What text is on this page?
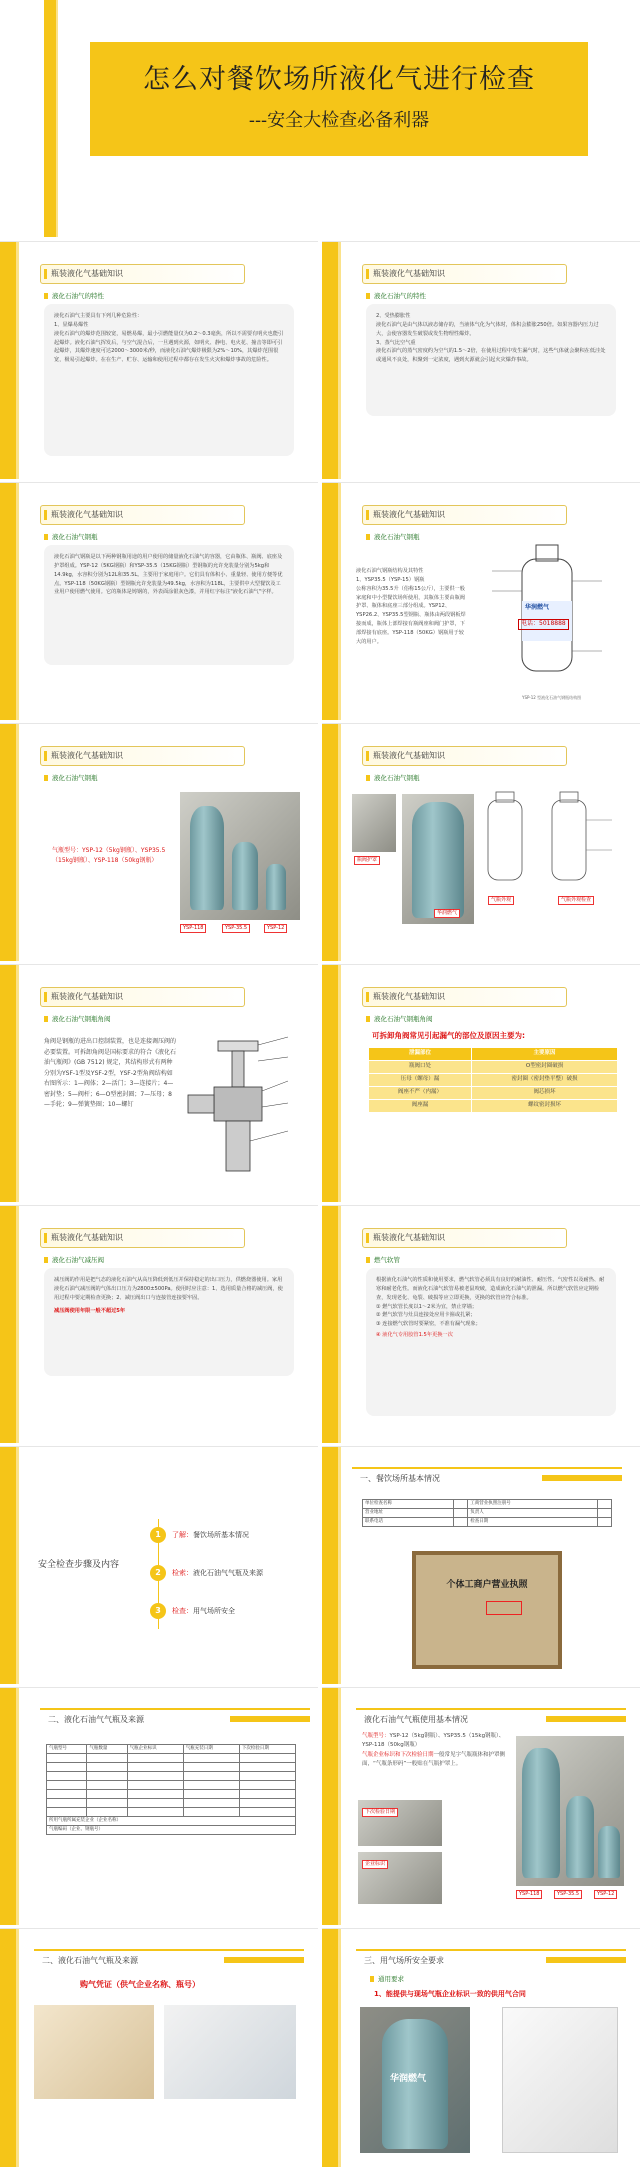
怎么对餐饮场所液化气进行检查
---安全大检查必备利器
瓶装液化气基础知识
液化石油气的特性
液化石油气主要具有下列几种危险性：
1、显爆易爆性
液化石油气的爆炸范围较宽，易燃易爆，最小引燃能量仅为0.2～0.3毫焦，所以不需要有明火也能引起爆炸。液化石油气挥发后，与空气混合后，一旦遇到火源，如明火、静电、电火花、撞击等即可引起爆炸，其爆炸速度可达2000～3000米/秒，而液化石油气爆炸极限为2%～10%，其爆炸范围很宽，极易引起爆炸。在在生产、贮存、运输和使用过程中都存在发生火灾和爆炸事故的危险性。
瓶装液化气基础知识
液化石油气的特性
2、受热膨胀性
液化石油气是由气体以液态储存的，当液体气化为气体时，体积会膨胀250倍。如果容器内压力过大，会使容器发生破裂或发生物理性爆炸。
3、蒸气比空气重
液化石油气的蒸气密度约为空气的1.5～2倍，在使用过程中发生漏气时，这些气体就会聚积在低洼处或通风不良处，积聚到一定浓度，遇到火源就会引起火灾爆炸事故。
瓶装液化气基础知识
液化石油气钢瓶
液化石油气钢瓶是以下两种钢瓶用途的用户使用的储量液化石油气的容器，它由瓶体、瓶阀、底座及护罩组成。YSP-12（5KG钢瓶）和YSP-35.5（15KG钢瓶）型钢瓶的允许充装量分别为5kg和14.9kg，水容积分别为12L和35.5L。主要用于家庭用户。它们具有体积小、重量轻、使用方便等优点。YSP-118（50KG钢瓶）型钢瓶允许充装量为49.5kg，水容积为118L，主要供中大型餐饮及工业用户使用燃气使用。它的瓶体是铸钢的，外表面涂银灰色漆，并用红字标注"液化石油气"字样。
瓶装液化气基础知识
液化石油气钢瓶
液化石油气钢瓶结构及其特性
1、YSP35.5（YSP-15）钢瓶
公称容积为35.5升（俗称15公斤），主要供一般家庭和中小型餐饮场所使用，其瓶体主要由瓶阀护罩、瓶体和底座三部分组成。YSP12、YSP26.2、YSP35.5型钢瓶、瓶体由两段钢板焊接而成，瓶体上部焊接有瓶阀座和阀门护罩，下部焊接有底座。YSP-118（50KG）钢瓶用于较大的用户。
华润燃气
电话：5018888
YSP-12 型液化石油气钢瓶结构图
瓶装液化气基础知识
液化石油气钢瓶
气瓶型号：YSP-12（5kg钢瓶）、YSP35.5（15kg钢瓶）、YSP-118（50kg钢瓶）
YSP-118	YSP-35.5	YSP-12
瓶装液化气基础知识
液化石油气钢瓶
瓶阀护罩
华润燃气
气瓶外观	气瓶外观检查
瓶装液化气基础知识
液化石油气钢瓶角阀
角阀是钢瓶的进出口控制装置，也是连接调压阀的必要装置。可拆卸角阀是国标要求的符合《液化石油气瓶阀》(GB 7512) 规定，其结构形式有两种分别为YSF-1型及YSF-2型，YSF-2型角阀结构如右图所示：1—阀体；2—活门；3—连接片；4—密封垫；5—阀杆；6—O型密封圈；7—压母；8—手轮；9—弹簧垫圈；10—螺钉
瓶装液化气基础知识
液化石油气钢瓶角阀
可拆卸角阀常见引起漏气的部位及原因主要为:
泄漏部位	主要原因
瓶阀口处	O型密封圈破损
压母（螺母）漏	密封圈（密封垫平整）破损
阀座不严（内漏）	阀芯损坏
阀座漏	螺纹密封损坏
瓶装液化气基础知识
液化石油气减压阀
减压阀的作用是把气态的液化石油气从高压降低到低压并保持稳定的出口压力，供燃烧器使用。家用液化石油气减压阀的气体出口压力为2800±500Pa。使用时应注意：1、选用质量合格的减压阀，使用过程中要定期检查更换；2、减压阀出口与连接管连接要牢固。
减压阀使用年限一般不超过5年
瓶装液化气基础知识
燃气软管
根据液化石油气的性质和使用要求，燃气软管必须具有良好的耐油性、耐压性、气密性以及耐热、耐寒和耐老化性。而液化石油气软管易被老鼠咬破，造成液化石油气的泄漏。所以燃气软管应定期检查，发现老化、龟裂、破损等应立即更换，更换的软管应符合标准。
① 燃气软管长度以1～2米为宜，禁止穿墙；
② 燃气软管与灶具连接处应用卡箍或扎紧；
③ 连接燃气软管时要紧密，不准有漏气现象；
④ 液化气专用胶管1.5年更换一次
安全检查步骤及内容
1 了解：餐饮场所基本情况
2 检索：液化石油气气瓶及来源
3 检查：用气场所安全
一、餐饮场所基本情况
单位检查名称		工商营业执照注册号	
营业地址		负责人	
联系电话		检查日期	
个体工商户营业执照
二、液化石油气气瓶及来源
气瓶型号	气瓶数量	气瓶企业标识	气瓶充装日期	下次检验日期

所用气瓶所属充装企业（企业名称）				
气瓶编码（企业、钢瓶号）				
液化石油气气瓶使用基本情况
气瓶型号：YSP-12（5kg钢瓶）、YSP35.5（15kg钢瓶）、YSP-118（50kg钢瓶）
气瓶企业标识和下次检验日期一般常见字气瓶瓶体和护罩侧面，“气瓶条形码”一般贴在气瓶护罩上。
下次检验日期
企业标识
YSP-118	YSP-35.5	YSP-12
二、液化石油气气瓶及来源
购气凭证（供气企业名称、瓶号）
三、用气场所安全要求
通用要求
1、能提供与现场气瓶企业标识一致的供用气合同
华润燃气
